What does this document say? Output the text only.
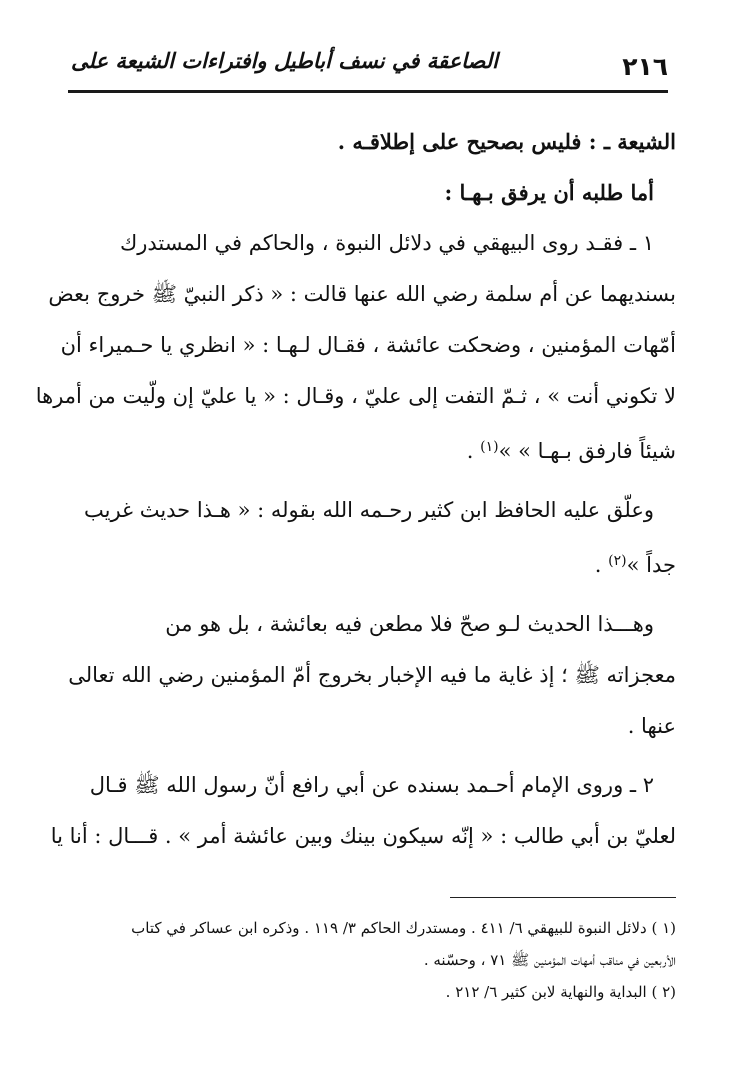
٢١٦
الصاعقة في نسف أباطيل وافتراءات الشيعة على
الشيعة ـ : فليس بصحيح على إطلاقـه .
أما طلبه أن يرفق بـهـا :
١ ـ فقـد روى البيهقي في دلائل النبوة ، والحاكم في المستدرك
بسنديهما عن أم سلمة رضي الله عنها قالت : « ذكر النبيّ ﷺ خروج بعض
أمّهات المؤمنين ، وضحكت عائشة ، فقـال لـهـا : « انظري يا حـميراء أن
لا تكوني أنت » ، ثـمّ التفت إلى عليّ ، وقـال : « يا عليّ إن ولّيت من أمرها
شيئاً فارفق بـهـا » »$^{(١)}$ .
وعلّق عليه الحافظ ابن كثير رحـمه الله بقوله : « هـذا حديث غريب
جداً »$^{(٢)}$ .
وهـــذا الحديث لـو صحّ فلا مطعن فيه بعائشة ، بل هو من
معجزاته ﷺ ؛ إذ غاية ما فيه الإخبار بخروج أمّ المؤمنين رضي الله تعالى
عنها .
٢ ـ وروى الإمام أحـمد بسنده عن أبي رافع أنّ رسول الله ﷺ قـال
لعليّ بن أبي طالب : « إنّه سيكون بينك وبين عائشة أمر » . قـــال : أنا يا
(١ ) دلائل النبوة للبيهقي ٦/ ٤١١ . ومستدرك الحاكم ٣/ ١١٩ . وذكره ابن عساكر في كتاب
الأربعين في مناقب أمهات المؤمنين ﷺ ٧١ ، وحسّنه .
(٢ ) البداية والنهاية لابن كثير ٦/ ٢١٢ .
